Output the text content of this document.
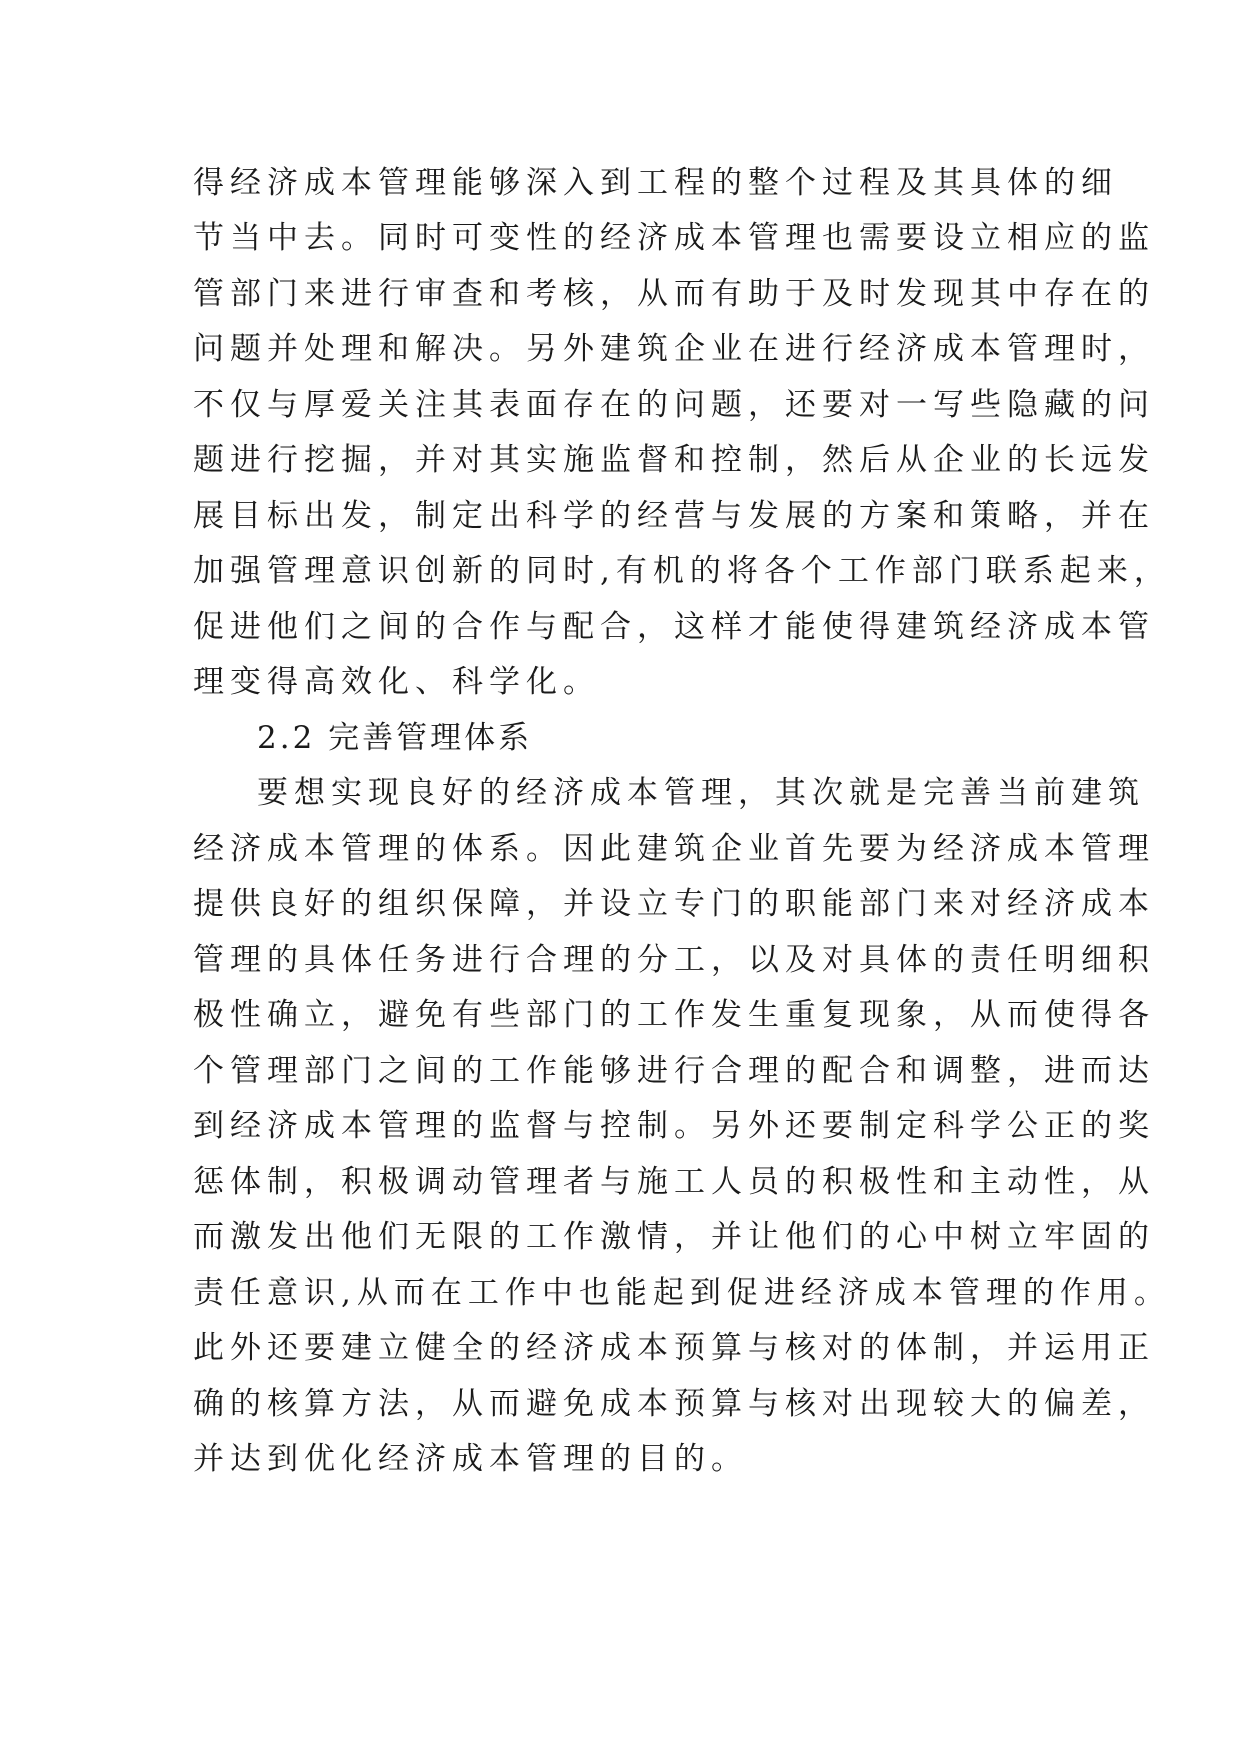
得经济成本管理能够深入到工程的整个过程及其具体的细
节当中去。同时可变性的经济成本管理也需要设立相应的监
管部门来进行审查和考核，从而有助于及时发现其中存在的
问题并处理和解决。另外建筑企业在进行经济成本管理时，
不仅与厚爱关注其表面存在的问题，还要对一写些隐藏的问
题进行挖掘，并对其实施监督和控制，然后从企业的长远发
展目标出发，制定出科学的经营与发展的方案和策略，并在
加强管理意识创新的同时,有机的将各个工作部门联系起来，
促进他们之间的合作与配合，这样才能使得建筑经济成本管
理变得高效化、科学化。
2.2 完善管理体系
要想实现良好的经济成本管理，其次就是完善当前建筑
经济成本管理的体系。因此建筑企业首先要为经济成本管理
提供良好的组织保障，并设立专门的职能部门来对经济成本
管理的具体任务进行合理的分工，以及对具体的责任明细积
极性确立，避免有些部门的工作发生重复现象，从而使得各
个管理部门之间的工作能够进行合理的配合和调整，进而达
到经济成本管理的监督与控制。另外还要制定科学公正的奖
惩体制，积极调动管理者与施工人员的积极性和主动性，从
而激发出他们无限的工作激情，并让他们的心中树立牢固的
责任意识,从而在工作中也能起到促进经济成本管理的作用。
此外还要建立健全的经济成本预算与核对的体制，并运用正
确的核算方法，从而避免成本预算与核对出现较大的偏差，
并达到优化经济成本管理的目的。
